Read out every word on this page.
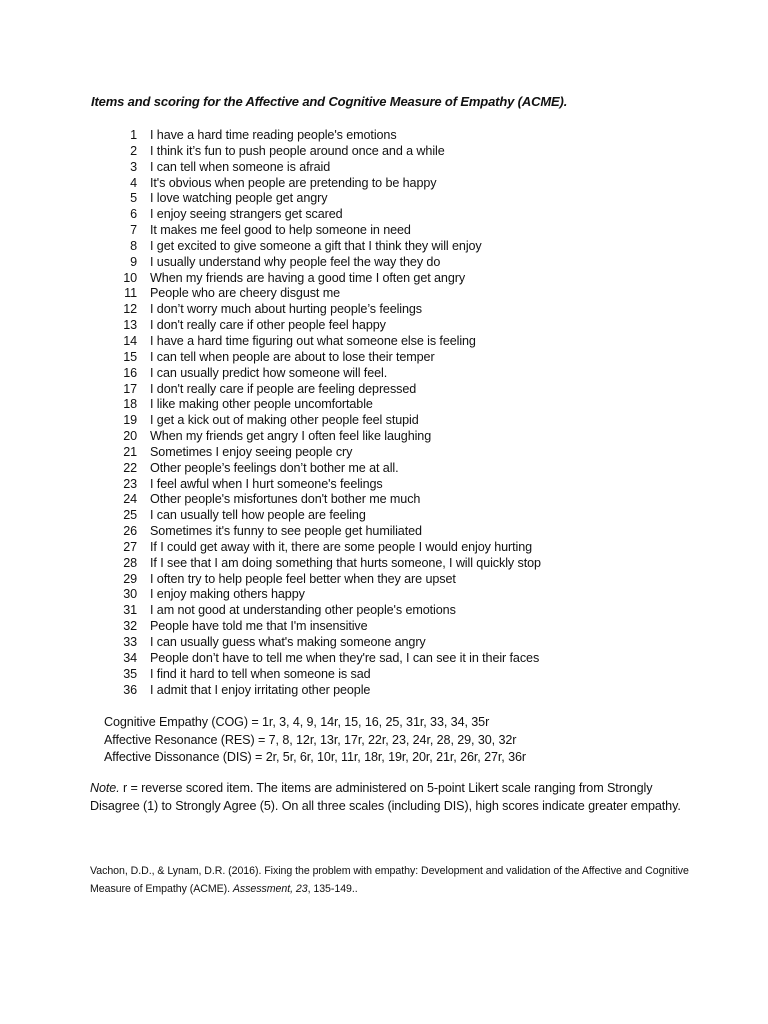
Items and scoring for the Affective and Cognitive Measure of Empathy (ACME).
1	I have a hard time reading people's emotions
2	I think it’s fun to push people around once and a while
3	I can tell when someone is afraid
4	It's obvious when people are pretending to be happy
5	I love watching people get angry
6	I enjoy seeing strangers get scared
7	It makes me feel good to help someone in need
8	I get excited to give someone a gift that I think they will enjoy
9	I usually understand why people feel the way they do
10	When my friends are having a good time I often get angry
11	People who are cheery disgust me
12	I don’t worry much about hurting people’s feelings
13	I don't really care if other people feel happy
14	I have a hard time figuring out what someone else is feeling
15	I can tell when people are about to lose their temper
16	I can usually predict how someone will feel.
17	I don't really care if people are feeling depressed
18	I like making other people uncomfortable
19	I get a kick out of making other people feel stupid
20	When my friends get angry I often feel like laughing
21	Sometimes I enjoy seeing people cry
22	Other people’s feelings don’t bother me at all.
23	I feel awful when I hurt someone's feelings
24	Other people's misfortunes don't bother me much
25	I can usually tell how people are feeling
26	Sometimes it's funny to see people get humiliated
27	If I could get away with it, there are some people I would enjoy hurting
28	If I see that I am doing something that hurts someone, I will quickly stop
29	I often try to help people feel better when they are upset
30	I enjoy making others happy
31	I am not good at understanding other people's emotions
32	People have told me that I'm insensitive
33	I can usually guess what's making someone angry
34	People don’t have to tell me when they're sad, I can see it in their faces
35	I find it hard to tell when someone is sad
36	I admit that I enjoy irritating other people
Cognitive Empathy (COG) = 1r, 3, 4, 9, 14r, 15, 16, 25, 31r, 33, 34, 35r
Affective Resonance (RES) = 7, 8, 12r, 13r, 17r, 22r, 23, 24r, 28, 29, 30, 32r
Affective Dissonance (DIS) = 2r, 5r, 6r, 10r, 11r, 18r, 19r, 20r, 21r, 26r, 27r, 36r
Note. r = reverse scored item. The items are administered on 5-point Likert scale ranging from Strongly Disagree (1) to Strongly Agree (5). On all three scales (including DIS), high scores indicate greater empathy.
Vachon, D.D., & Lynam, D.R. (2016). Fixing the problem with empathy: Development and validation of the Affective and Cognitive Measure of Empathy (ACME). Assessment, 23, 135-149..
